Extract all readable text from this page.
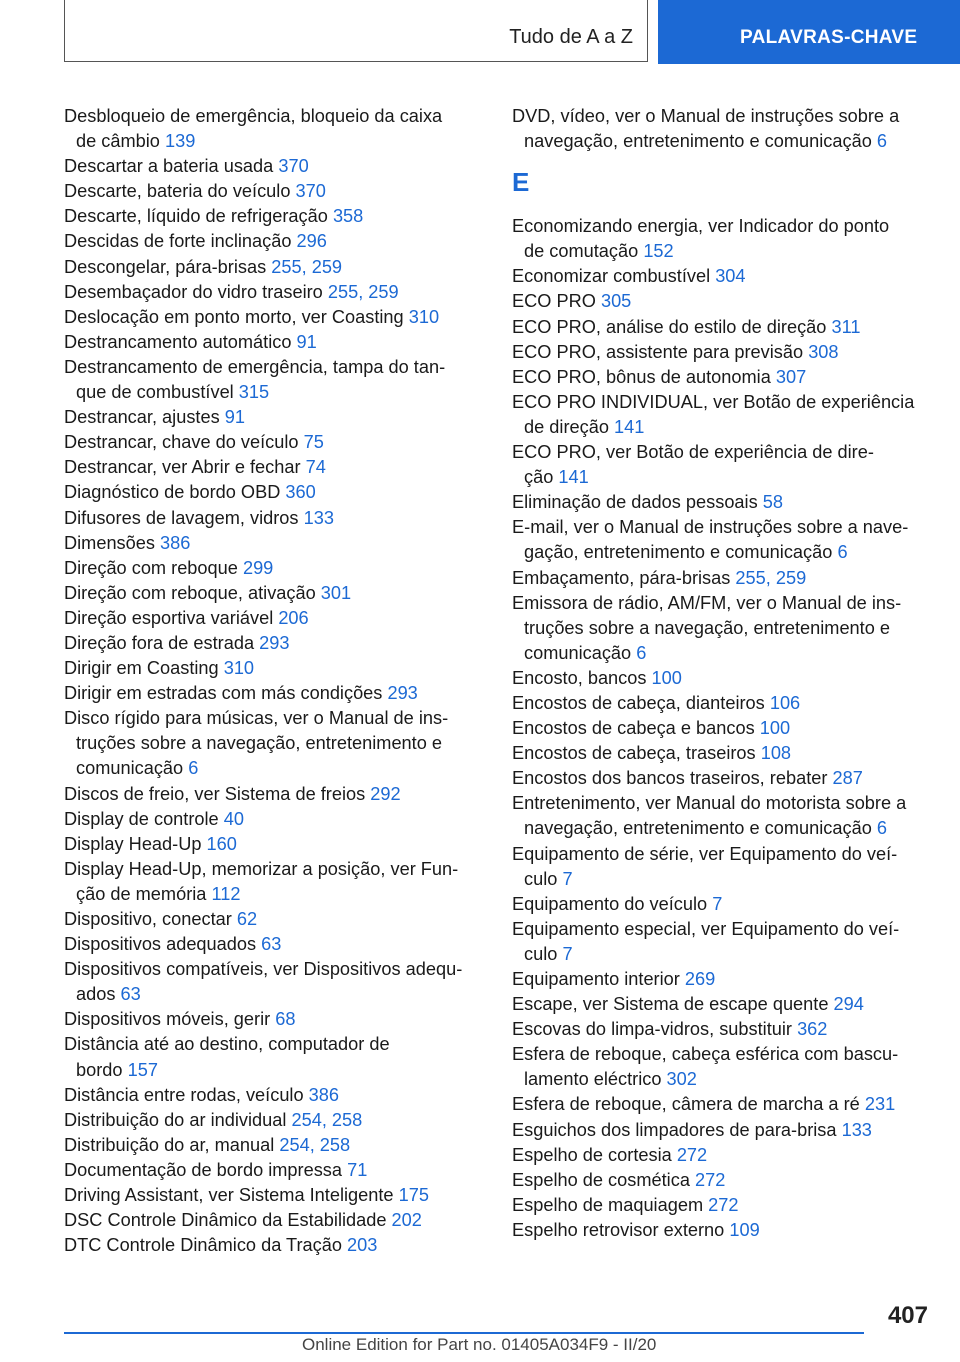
Tudo de A a Z	PALAVRAS-CHAVE
Desbloqueio de emergência, bloqueio da caixa
de câmbio 139
Descartar a bateria usada 370
Descarte, bateria do veículo 370
Descarte, líquido de refrigeração 358
Descidas de forte inclinação 296
Descongelar, pára-brisas 255, 259
Desembaçador do vidro traseiro 255, 259
Deslocação em ponto morto, ver Coasting 310
Destrancamento automático 91
Destrancamento de emergência, tampa do tan-
que de combustível 315
Destrancar, ajustes 91
Destrancar, chave do veículo 75
Destrancar, ver Abrir e fechar 74
Diagnóstico de bordo OBD 360
Difusores de lavagem, vidros 133
Dimensões 386
Direção com reboque 299
Direção com reboque, ativação 301
Direção esportiva variável 206
Direção fora de estrada 293
Dirigir em Coasting 310
Dirigir em estradas com más condições 293
Disco rígido para músicas, ver o Manual de ins-
truções sobre a navegação, entretenimento e
comunicação 6
Discos de freio, ver Sistema de freios 292
Display de controle 40
Display Head-Up 160
Display Head-Up, memorizar a posição, ver Fun-
ção de memória 112
Dispositivo, conectar 62
Dispositivos adequados 63
Dispositivos compatíveis, ver Dispositivos adequ-
ados 63
Dispositivos móveis, gerir 68
Distância até ao destino, computador de
bordo 157
Distância entre rodas, veículo 386
Distribuição do ar individual 254, 258
Distribuição do ar, manual 254, 258
Documentação de bordo impressa 71
Driving Assistant, ver Sistema Inteligente 175
DSC Controle Dinâmico da Estabilidade 202
DTC Controle Dinâmico da Tração 203
DVD, vídeo, ver o Manual de instruções sobre a
navegação, entretenimento e comunicação 6
E
Economizando energia, ver Indicador do ponto
de comutação 152
Economizar combustível 304
ECO PRO 305
ECO PRO, análise do estilo de direção 311
ECO PRO, assistente para previsão 308
ECO PRO, bônus de autonomia 307
ECO PRO INDIVIDUAL, ver Botão de experiência
de direção 141
ECO PRO, ver Botão de experiência de dire-
ção 141
Eliminação de dados pessoais 58
E-mail, ver o Manual de instruções sobre a nave-
gação, entretenimento e comunicação 6
Embaçamento, pára-brisas 255, 259
Emissora de rádio, AM/FM, ver o Manual de ins-
truções sobre a navegação, entretenimento e
comunicação 6
Encosto, bancos 100
Encostos de cabeça, dianteiros 106
Encostos de cabeça e bancos 100
Encostos de cabeça, traseiros 108
Encostos dos bancos traseiros, rebater 287
Entretenimento, ver Manual do motorista sobre a
navegação, entretenimento e comunicação 6
Equipamento de série, ver Equipamento do veí-
culo 7
Equipamento do veículo 7
Equipamento especial, ver Equipamento do veí-
culo 7
Equipamento interior 269
Escape, ver Sistema de escape quente 294
Escovas do limpa-vidros, substituir 362
Esfera de reboque, cabeça esférica com bascu-
lamento eléctrico 302
Esfera de reboque, câmera de marcha a ré 231
Esguichos dos limpadores de para-brisa 133
Espelho de cortesia 272
Espelho de cosmética 272
Espelho de maquiagem 272
Espelho retrovisor externo 109
407
Online Edition for Part no. 01405A034F9 - II/20
